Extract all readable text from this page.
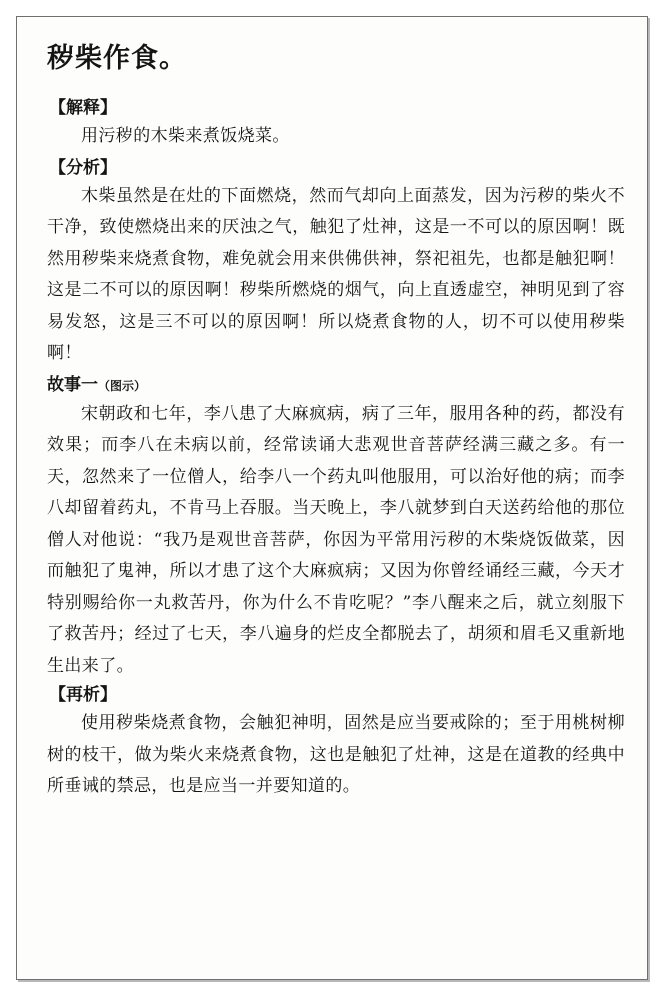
秽柴作食。
【解释】

用污秽的木柴来煮饭烧菜。

【分析】

木柴虽然是在灶的下面燃烧，然而气却向上面蒸发，因为污秽的柴火不干净，致使燃烧出来的厌浊之气，触犯了灶神，这是一不可以的原因啊！既然用秽柴来烧煮食物，难免就会用来供佛供神，祭祀祖先，也都是触犯啊！这是二不可以的原因啊！秽柴所燃烧的烟气，向上直透虚空，神明见到了容易发怒，这是三不可以的原因啊！所以烧煮食物的人，切不可以使用秽柴啊！

故事一（图示）

宋朝政和七年，李八患了大麻疯病，病了三年，服用各种的药，都没有效果；而李八在未病以前，经常读诵大悲观世音菩萨经满三藏之多。有一天，忽然来了一位僧人，给李八一个药丸叫他服用，可以治好他的病；而李八却留着药丸，不肯马上吞服。当天晚上，李八就梦到白天送药给他的那位僧人对他说：“我乃是观世音菩萨，你因为平常用污秽的木柴烧饭做菜，因而触犯了鬼神，所以才患了这个大麻疯病；又因为你曾经诵经三藏，今天才特别赐给你一丸救苦丹，你为什么不肯吃呢？”李八醒来之后，就立刻服下了救苦丹；经过了七天，李八遍身的烂皮全都脱去了，胡须和眉毛又重新地生出来了。

【再析】

使用秽柴烧煮食物，会触犯神明，固然是应当要戒除的；至于用桃树柳树的枝干，做为柴火来烧煮食物，这也是触犯了灶神，这是在道教的经典中所垂诫的禁忌，也是应当一并要知道的。
